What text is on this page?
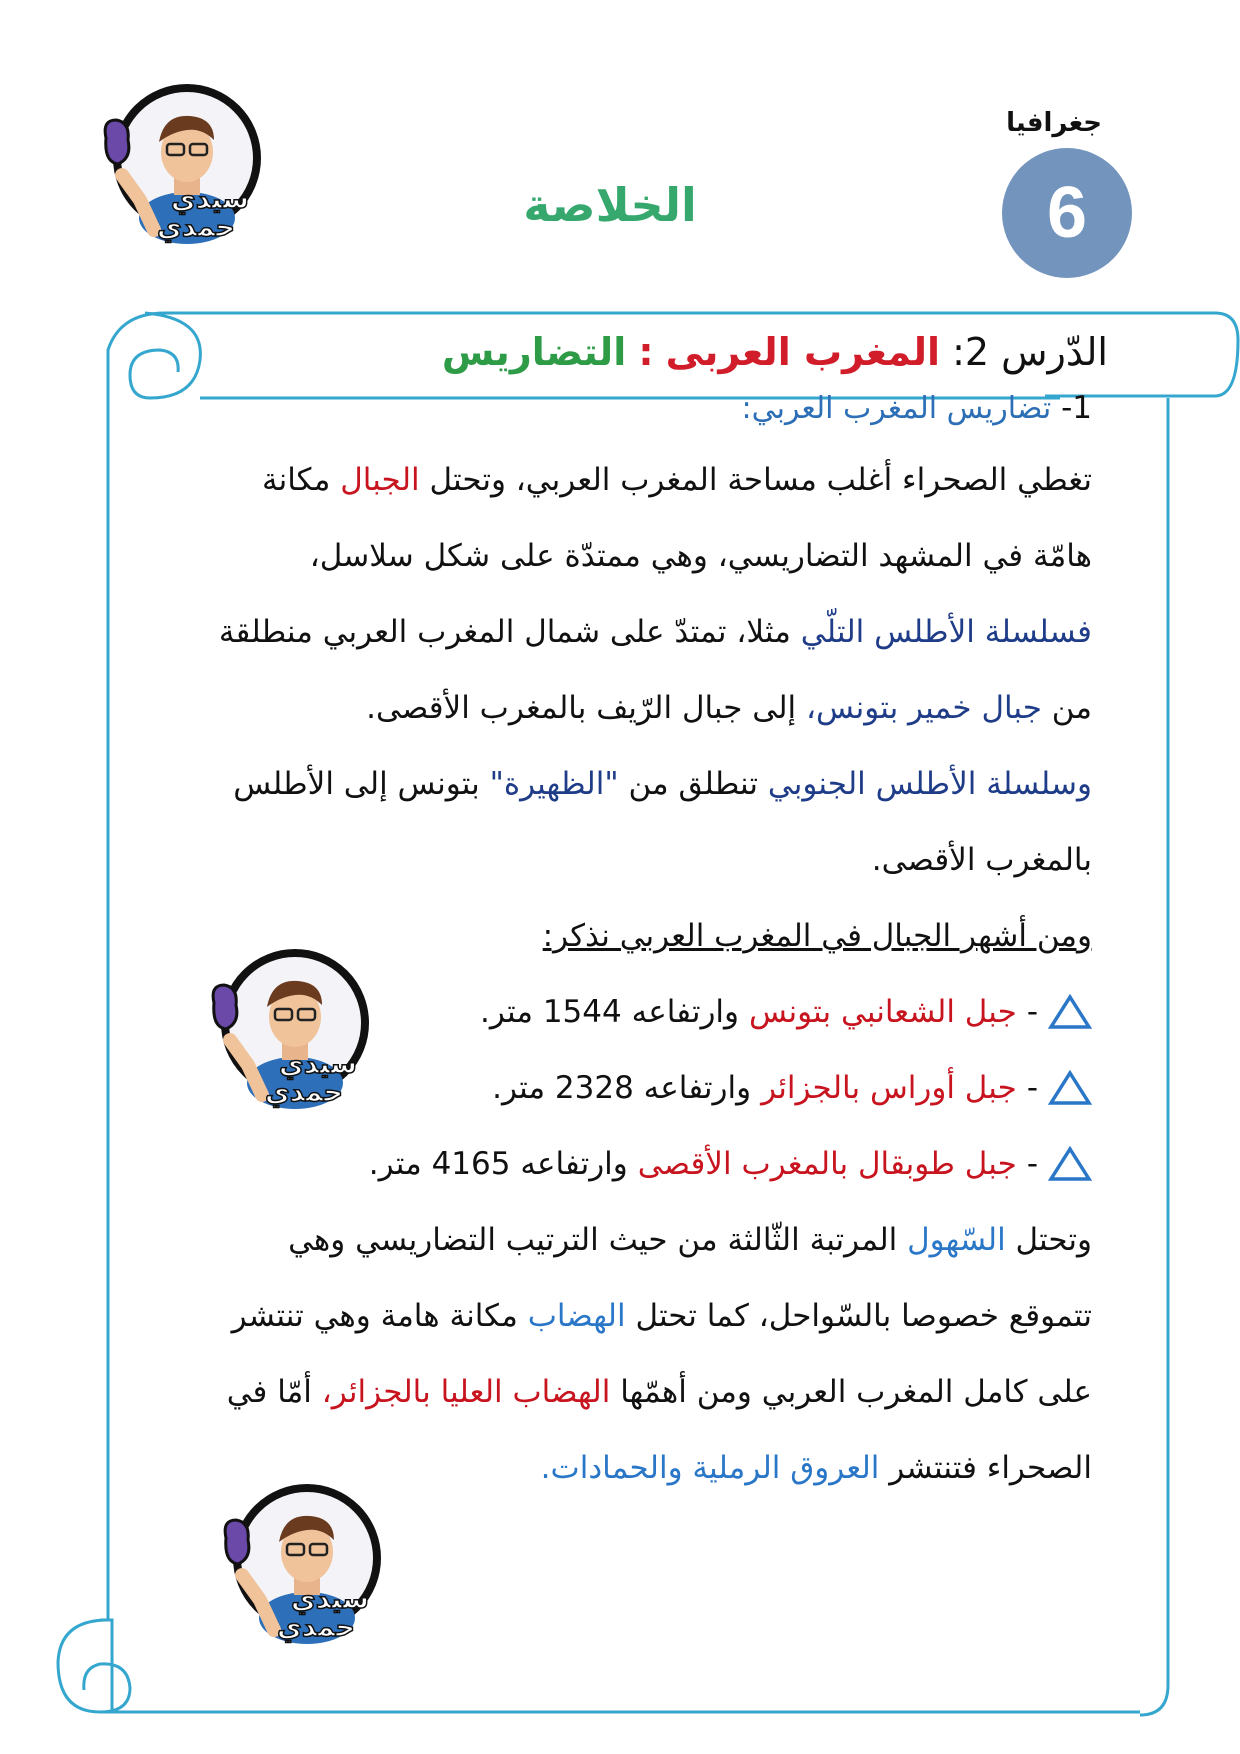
جغرافيا
6
الخلاصة
سيدي
حمدي
سيدي
حمدي
سيدي
حمدي
الدّرس 2: المغرب العربى : التضاريس
1- تضاريس المغرب العربي:
تغطي الصحراء أغلب مساحة المغرب العربي، وتحتل الجبال مكانة
هامّة في المشهد التضاريسي، وهي ممتدّة على شكل سلاسل،
فسلسلة الأطلس التلّي مثلا، تمتدّ على شمال المغرب العربي منطلقة
من جبال خمير بتونس، إلى جبال الرّيف بالمغرب الأقصى.
وسلسلة الأطلس الجنوبي تنطلق من "الظهيرة" بتونس إلى الأطلس
بالمغرب الأقصى.
ومن أشهر الجبال في المغرب العربي نذكر:
-
جبل الشعانبي بتونس
وارتفاعه 1544 متر.
-
جبل أوراس بالجزائر
وارتفاعه 2328 متر.
-
جبل طوبقال بالمغرب الأقصى
وارتفاعه 4165 متر.
وتحتل السّهول المرتبة الثّالثة من حيث الترتيب التضاريسي وهي
تتموقع خصوصا بالسّواحل، كما تحتل الهضاب مكانة هامة وهي تنتشر
على كامل المغرب العربي ومن أهمّها الهضاب العليا بالجزائر، أمّا في
الصحراء فتنتشر العروق الرملية والحمادات.
